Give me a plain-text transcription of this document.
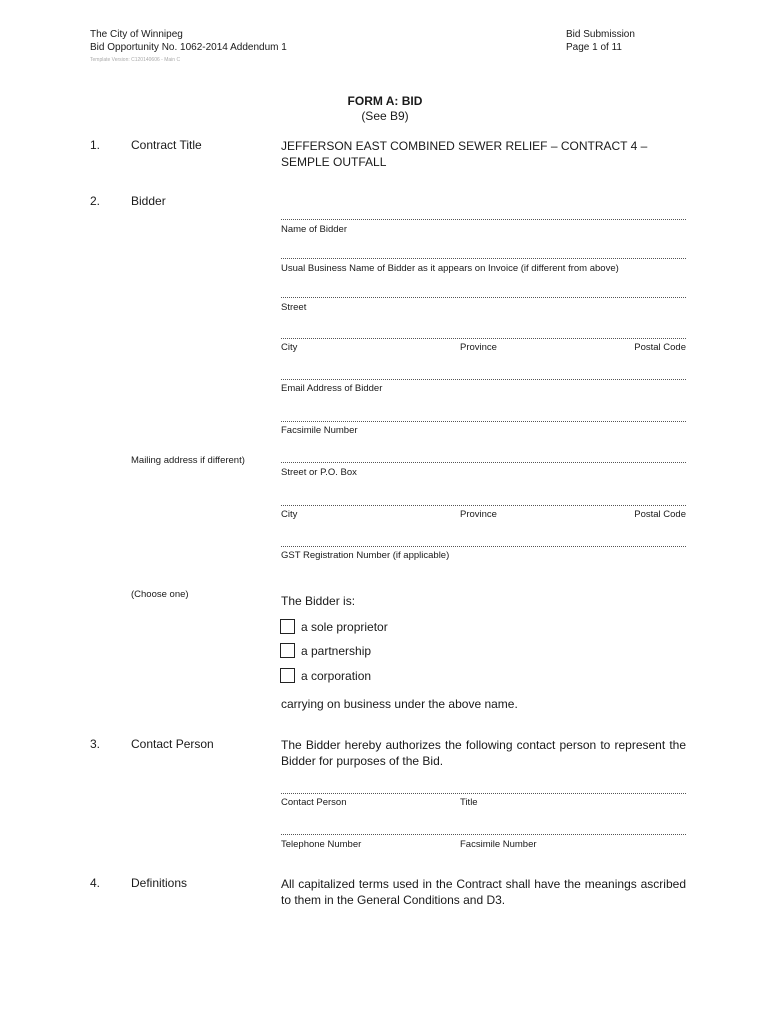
The City of Winnipeg
Bid Opportunity No. 1062-2014 Addendum 1
Template Version: C120140606 - Main C
Bid Submission
Page 1 of 11
FORM A: BID
(See B9)
1.	Contract Title	JEFFERSON EAST COMBINED SEWER RELIEF – CONTRACT 4 –
SEMPLE OUTFALL
2.	Bidder
Name of Bidder
Usual Business Name of Bidder as it appears on Invoice (if different from above)
Street
City	Province	Postal Code
Email Address of Bidder
Facsimile Number
Mailing address if different)
Street or P.O. Box
City	Province	Postal Code
GST Registration Number (if applicable)
(Choose one)	The Bidder is:
a sole proprietor
a partnership
a corporation
carrying on business under the above name.
3.	Contact Person	The Bidder hereby authorizes the following contact person to represent the Bidder for purposes of the Bid.
Contact Person	Title
Telephone Number	Facsimile Number
4.	Definitions	All capitalized terms used in the Contract shall have the meanings ascribed to them in the General Conditions and D3.
